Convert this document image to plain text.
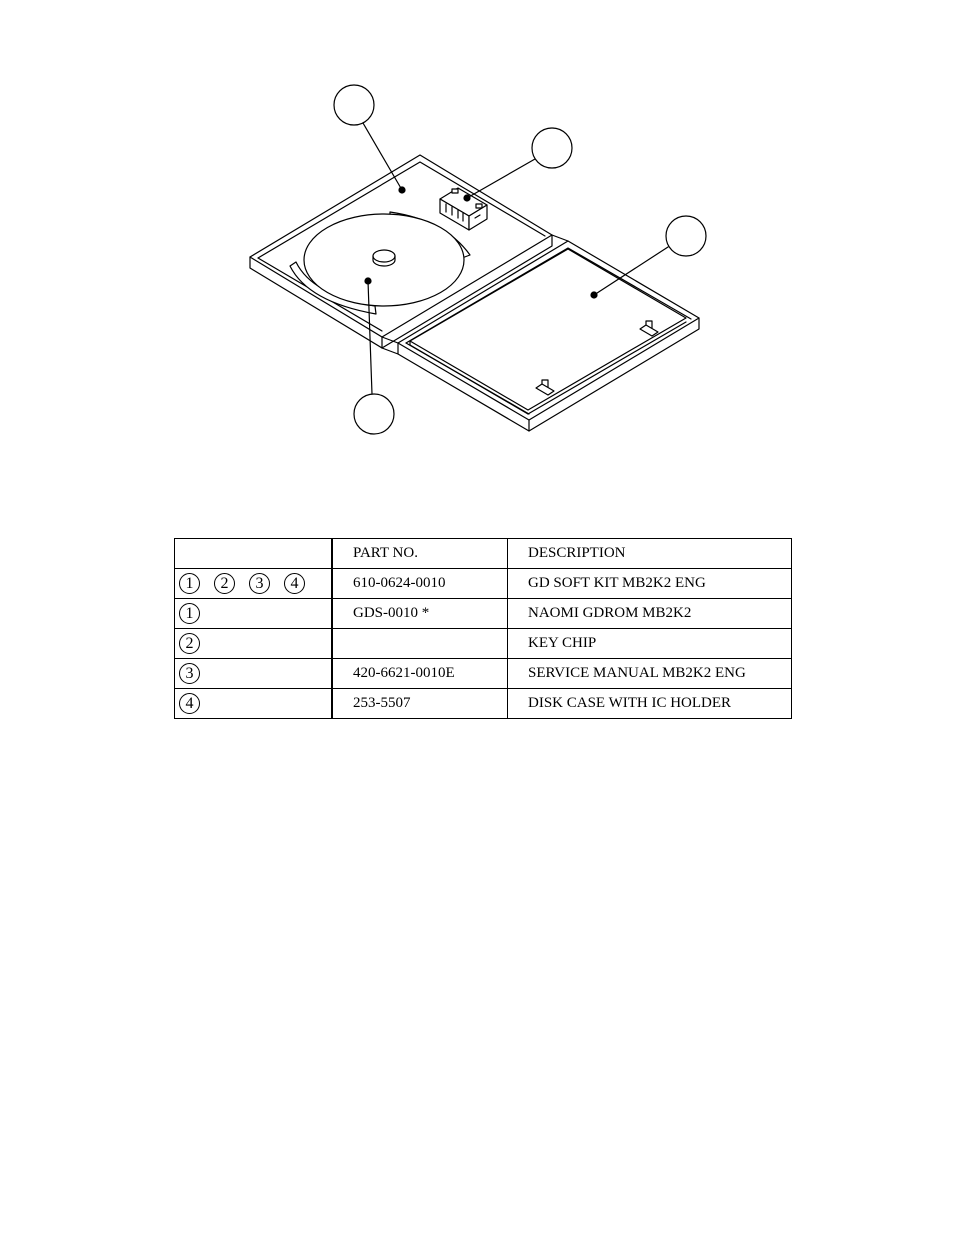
	PART NO.	DESCRIPTION

1 2 3 4	610-0624-0010	GD SOFT KIT MB2K2 ENG

1	GDS-0010 *	NAOMI GDROM MB2K2

2		KEY CHIP

3	420-6621-0010E	SERVICE MANUAL MB2K2 ENG

4	253-5507	DISK CASE WITH IC HOLDER
